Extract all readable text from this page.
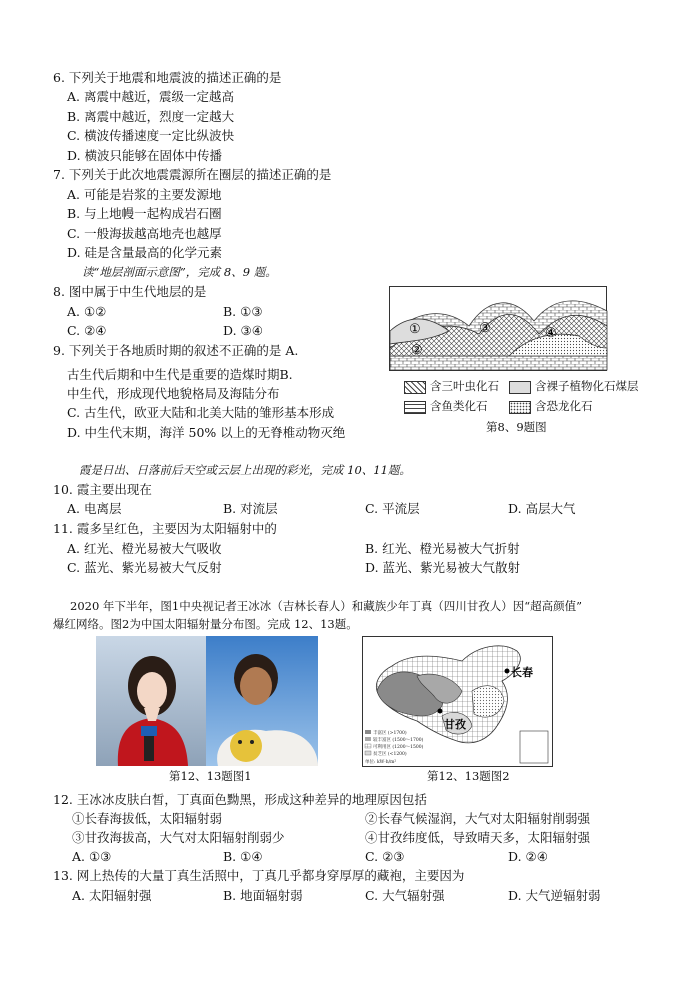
6. 下列关于地震和地震波的描述正确的是
A. 离震中越近，震级一定越高
B. 离震中越近，烈度一定越大
C. 横波传播速度一定比纵波快
D. 横波只能够在固体中传播
7. 下列关于此次地震震源所在圈层的描述正确的是
A. 可能是岩浆的主要发源地
B. 与上地幔一起构成岩石圈
C. 一般海拔越高地壳也越厚
D. 硅是含量最高的化学元素
读“地层剖面示意图”，完成 8、9 题。
8. 图中属于中生代地层的是
A. ①②	B. ①③
C. ②④	D. ③④
9. 下列关于各地质时期的叙述不正确的是 A.
古生代后期和中生代是重要的造煤时期B.
中生代，形成现代地貌格局及海陆分布
C. 古生代，欧亚大陆和北美大陆的雏形基本形成
D. 中生代末期，海洋 50% 以上的无脊椎动物灭绝
①
②
③	④
含三叶虫化石	含裸子植物化石煤层
含鱼类化石	含恐龙化石
第8、9题图
霞是日出、日落前后天空或云层上出现的彩光，完成 10、11题。
10. 霞主要出现在
A. 电离层	B. 对流层	C. 平流层	D. 高层大气
11. 霞多呈红色，主要因为太阳辐射中的
A. 红光、橙光易被大气吸收	B. 红光、橙光易被大气折射
C. 蓝光、紫光易被大气反射	D. 蓝光、紫光易被大气散射
2020 年下半年，图1中央视记者王冰冰（吉林长春人）和藏族少年丁真（四川甘孜人）因“超高颜值”
爆红网络。图2为中国太阳辐射量分布图。完成 12、13题。
第12、13题图1
长春
甘孜
丰富区 (>1700)
较丰富区 (1500～1700)
可利用区 (1200～1500)
贫乏区 (<1200)
单位: kW·h/m²
第12、13题图2
12. 王冰冰皮肤白皙，丁真面色黝黑，形成这种差异的地理原因包括
①长春海拔低，太阳辐射弱	②长春气候湿润，大气对太阳辐射削弱强
③甘孜海拔高，大气对太阳辐射削弱少	④甘孜纬度低，导致晴天多，太阳辐射强
A. ①③	B. ①④	C. ②③	D. ②④
13. 网上热传的大量丁真生活照中，丁真几乎都身穿厚厚的藏袍，主要因为
A. 太阳辐射强	B. 地面辐射弱	C. 大气辐射强	D. 大气逆辐射弱
